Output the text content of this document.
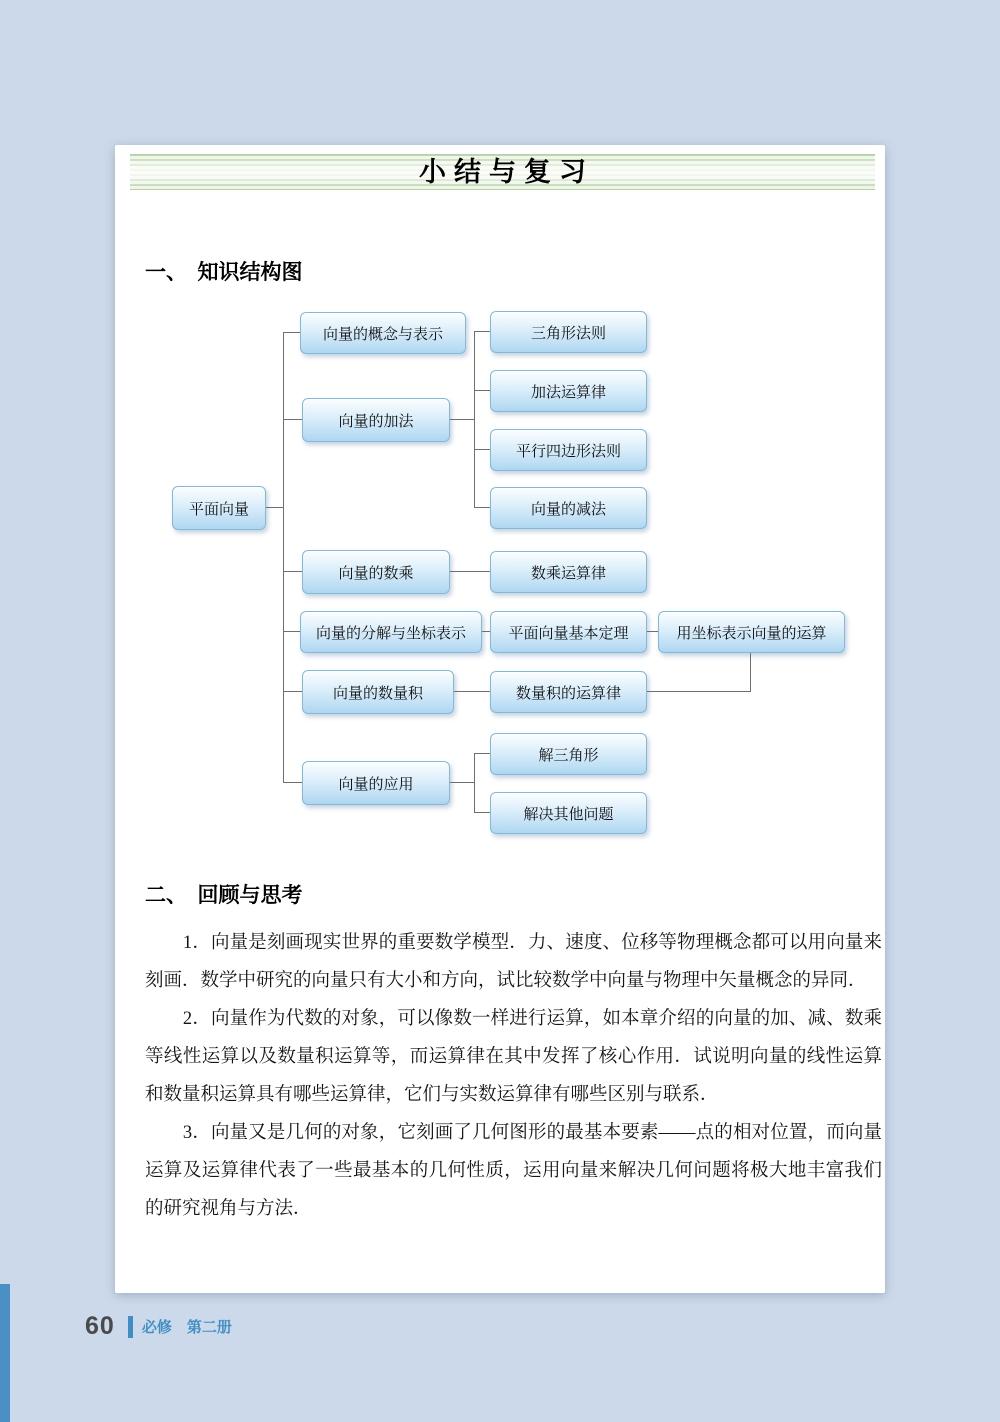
小结与复习
一、　知识结构图
平面向量
向量的概念与表示
向量的加法
向量的数乘
向量的分解与坐标表示
向量的数量积
向量的应用
三角形法则
加法运算律
平行四边形法则
向量的减法
数乘运算律
平面向量基本定理	用坐标表示向量的运算
数量积的运算律
解三角形
解决其他问题
二、　回顾与思考

1．向量是刻画现实世界的重要数学模型．力、速度、位移等物理概念都可以用向量来刻画．数学中研究的向量只有大小和方向，试比较数学中向量与物理中矢量概念的异同．

2．向量作为代数的对象，可以像数一样进行运算，如本章介绍的向量的加、减、数乘等线性运算以及数量积运算等，而运算律在其中发挥了核心作用．试说明向量的线性运算和数量积运算具有哪些运算律，它们与实数运算律有哪些区别与联系．

3．向量又是几何的对象，它刻画了几何图形的最基本要素——点的相对位置，而向量运算及运算律代表了一些最基本的几何性质，运用向量来解决几何问题将极大地丰富我们的研究视角与方法．

60 必修　第二册
